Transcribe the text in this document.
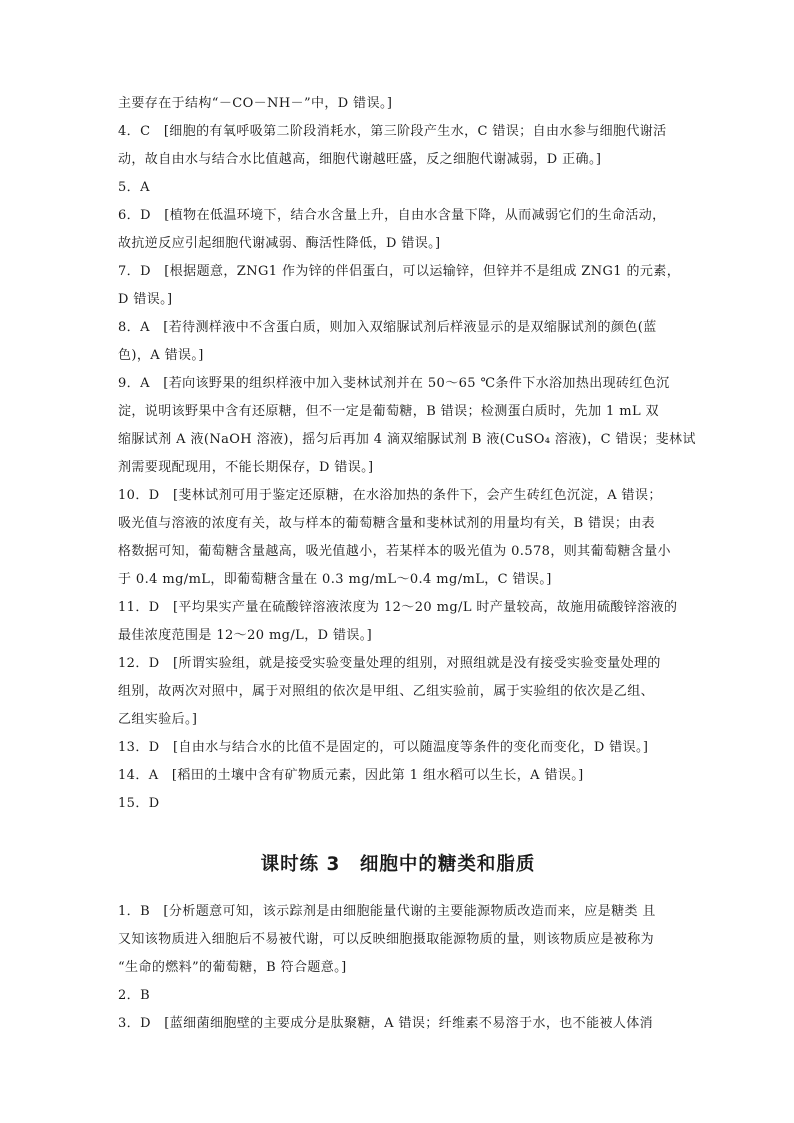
主要存在于结构“－CO－NH－”中，D 错误。]
4．C　[细胞的有氧呼吸第二阶段消耗水，第三阶段产生水，C 错误；自由水参与细胞代谢活
动，故自由水与结合水比值越高，细胞代谢越旺盛，反之细胞代谢减弱，D 正确。]
5．A
6．D　[植物在低温环境下，结合水含量上升，自由水含量下降，从而减弱它们的生命活动，
故抗逆反应引起细胞代谢减弱、酶活性降低，D 错误。]
7．D　[根据题意，ZNG1 作为锌的伴侣蛋白，可以运输锌，但锌并不是组成 ZNG1 的元素，
D 错误。]
8．A　[若待测样液中不含蛋白质，则加入双缩脲试剂后样液显示的是双缩脲试剂的颜色(蓝
色)，A 错误。]
9．A　[若向该野果的组织样液中加入斐林试剂并在 50～65 ℃条件下水浴加热出现砖红色沉
淀，说明该野果中含有还原糖，但不一定是葡萄糖，B 错误；检测蛋白质时，先加 1 mL 双
缩脲试剂 A 液(NaOH 溶液)，摇匀后再加 4 滴双缩脲试剂 B 液(CuSO₄ 溶液)，C 错误；斐林试
剂需要现配现用，不能长期保存，D 错误。]
10．D　[斐林试剂可用于鉴定还原糖，在水浴加热的条件下，会产生砖红色沉淀，A 错误；
吸光值与溶液的浓度有关，故与样本的葡萄糖含量和斐林试剂的用量均有关，B 错误；由表
格数据可知，葡萄糖含量越高，吸光值越小，若某样本的吸光值为 0.578，则其葡萄糖含量小
于 0.4 mg/mL，即葡萄糖含量在 0.3 mg/mL～0.4 mg/mL，C 错误。]
11．D　[平均果实产量在硫酸锌溶液浓度为 12～20 mg/L 时产量较高，故施用硫酸锌溶液的
最佳浓度范围是 12～20 mg/L，D 错误。]
12．D　[所谓实验组，就是接受实验变量处理的组别，对照组就是没有接受实验变量处理的
组别，故两次对照中，属于对照组的依次是甲组、乙组实验前，属于实验组的依次是乙组、
乙组实验后。]
13．D　[自由水与结合水的比值不是固定的，可以随温度等条件的变化而变化，D 错误。]
14．A　[稻田的土壤中含有矿物质元素，因此第 1 组水稻可以生长，A 错误。]
15．D
课时练 3　细胞中的糖类和脂质
1．B　[分析题意可知，该示踪剂是由细胞能量代谢的主要能源物质改造而来，应是糖类 且
又知该物质进入细胞后不易被代谢，可以反映细胞摄取能源物质的量，则该物质应是被称为
“生命的燃料”的葡萄糖，B 符合题意。]
2．B
3．D　[蓝细菌细胞壁的主要成分是肽聚糖，A 错误；纤维素不易溶于水，也不能被人体消
